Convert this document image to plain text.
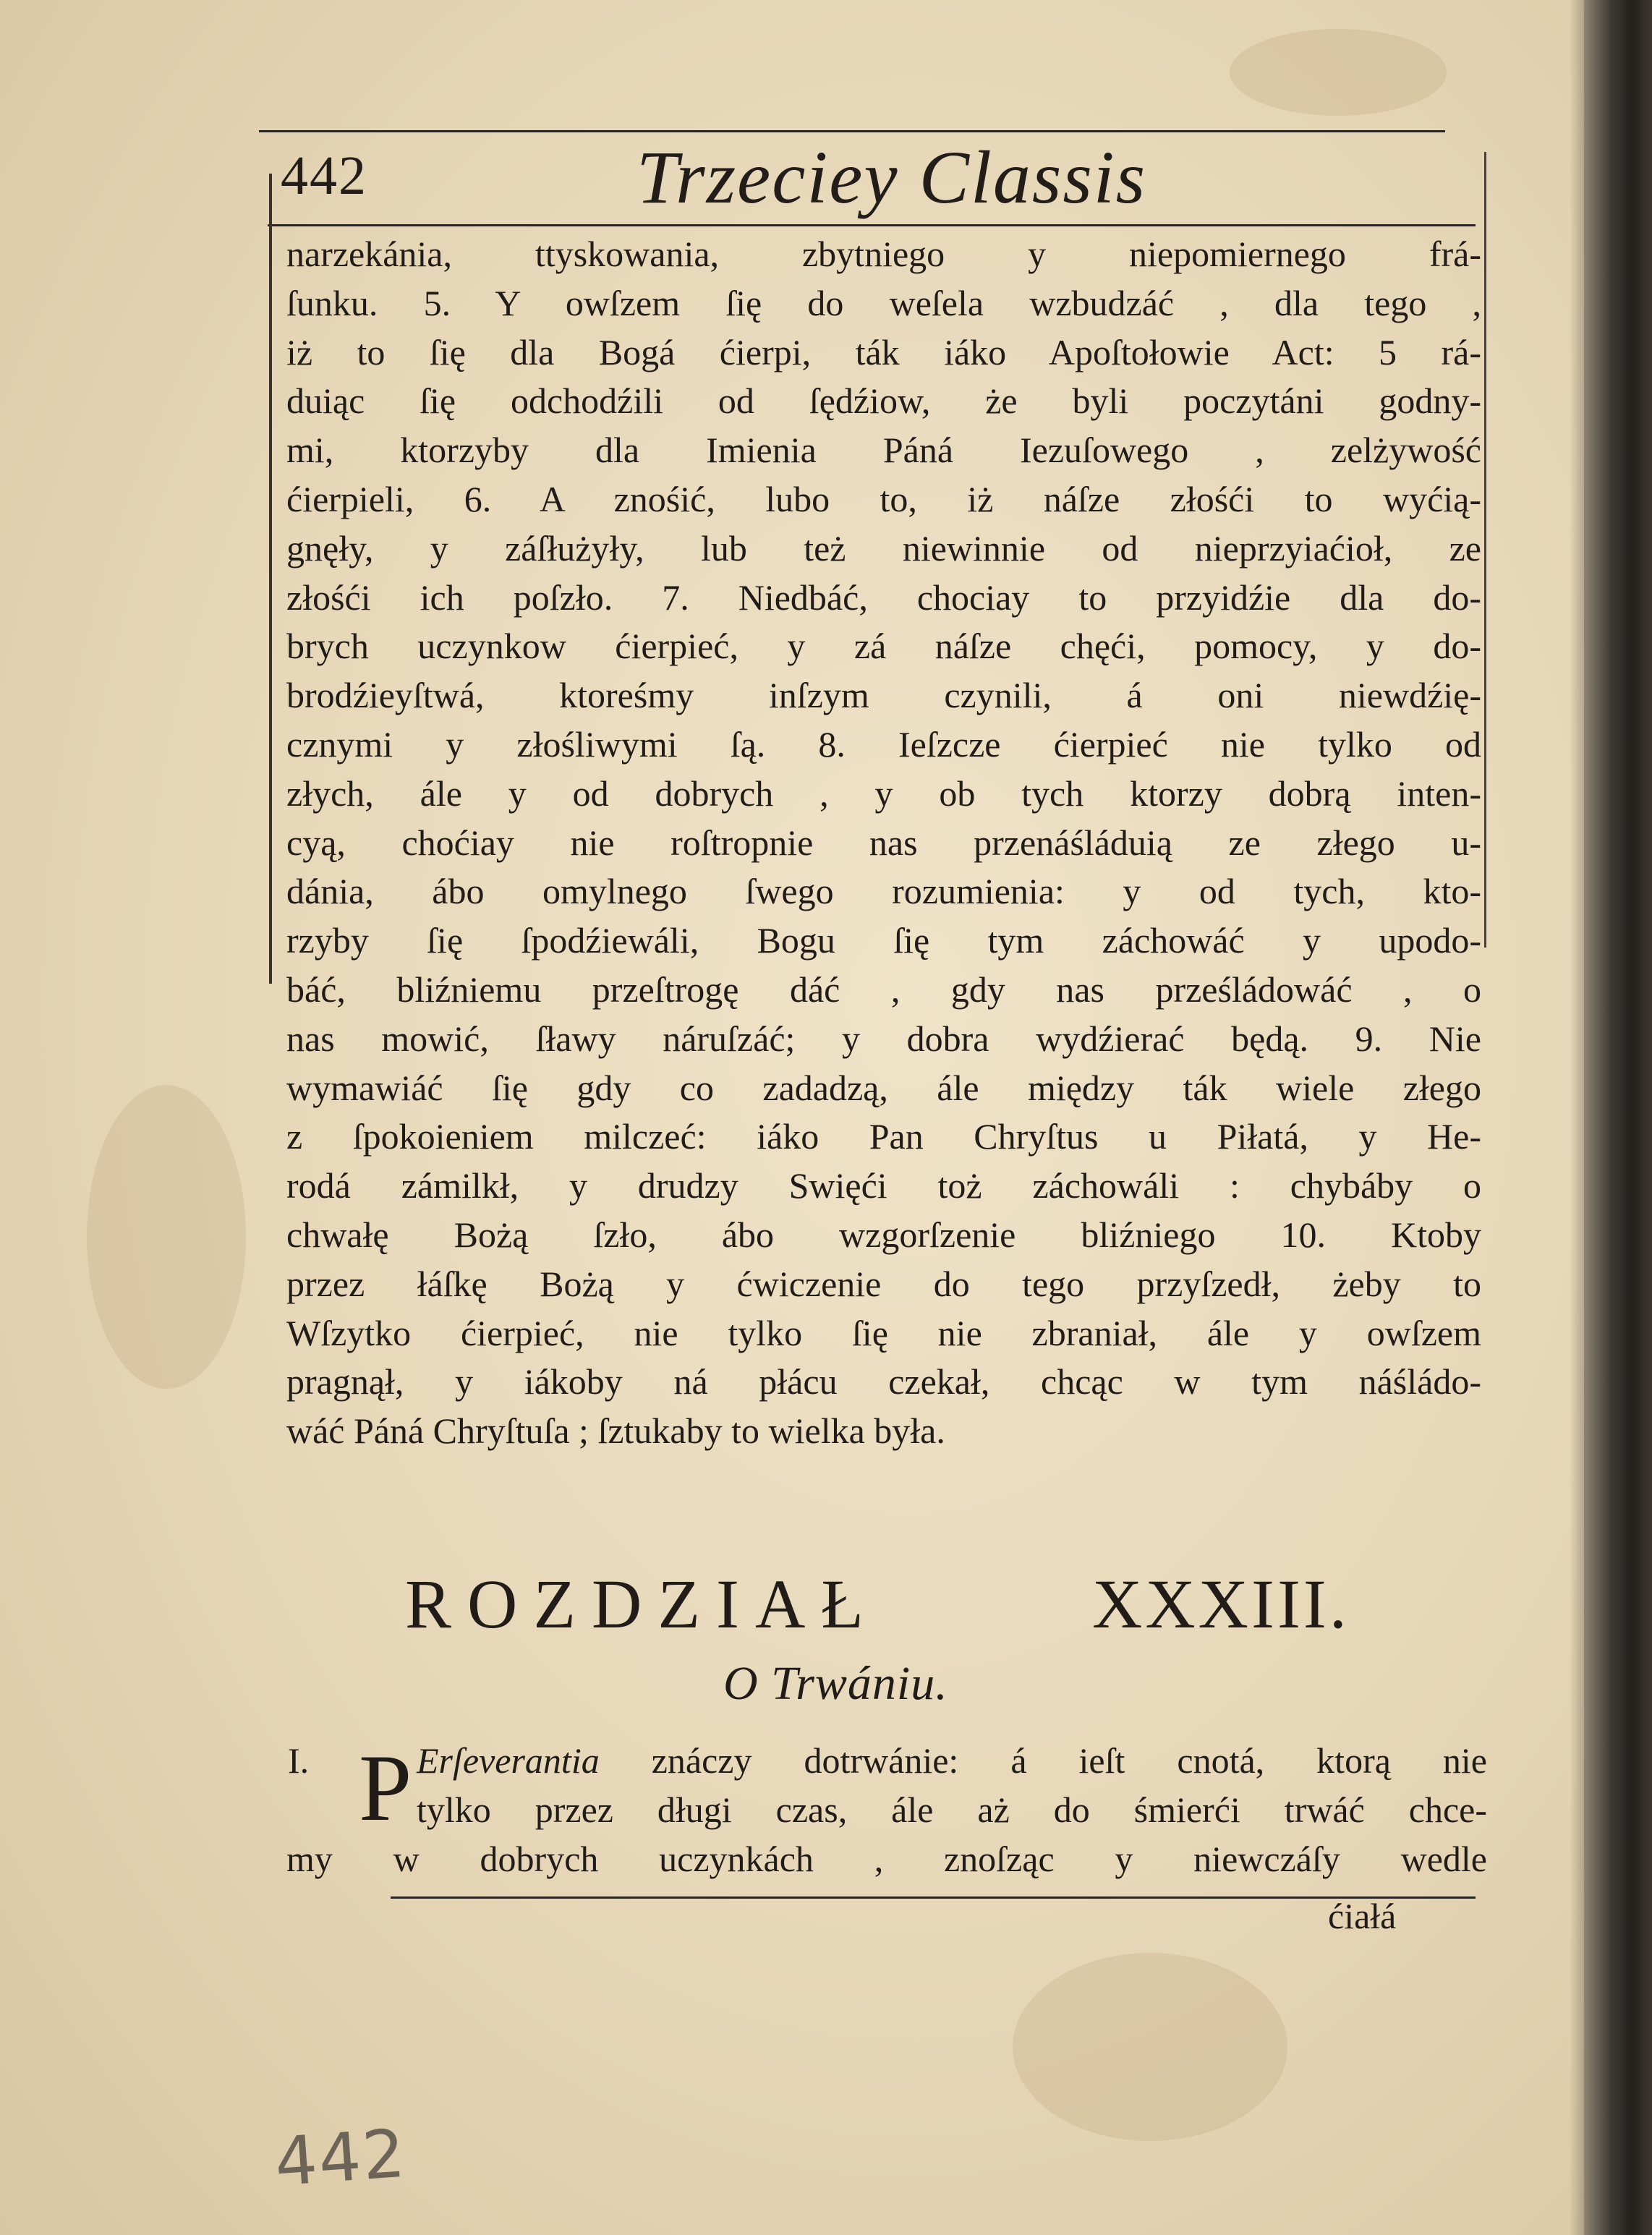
442	Trzeciey Classis
narzekánia, ttyskowania, zbytniego y niepomiernego frá-
ſunku. 5. Y owſzem ſię do weſela wzbudzáć , dla tego ,
iż to ſię dla Bogá ćierpi, ták iáko Apoſtołowie Act: 5 rá-
duiąc ſię odchodźili od ſędźiow, że byli poczytáni godny-
mi, ktorzyby dla Imienia Páná Iezuſowego , zelżywość
ćierpieli, 6. A znośić, lubo to, iż náſze złośći to wyćią-
gnęły, y záſłużyły, lub też niewinnie od nieprzyiaćioł, ze
złośći ich poſzło. 7. Niedbáć, chociay to przyidźie dla do-
brych uczynkow ćierpieć, y zá náſze chęći, pomocy, y do-
brodźieyſtwá, ktoreśmy inſzym czynili, á oni niewdźię-
cznymi y złośliwymi ſą. 8. Ieſzcze ćierpieć nie tylko od
złych, ále y od dobrych , y ob tych ktorzy dobrą inten-
cyą, choćiay nie roſtropnie nas przenáśláduią ze złego u-
dánia, ábo omylnego ſwego rozumienia: y od tych, kto-
rzyby ſię ſpodźiewáli, Bogu ſię tym záchowáć y upodo-
báć, bliźniemu przeſtrogę dáć , gdy nas prześládowáć , o
nas mowić, ſławy náruſzáć; y dobra wydźierać będą. 9. Nie
wymawiáć ſię gdy co zadadzą, ále między ták wiele złego
z ſpokoieniem milczeć: iáko Pan Chryſtus u Piłatá, y He-
rodá zámilkł, y drudzy Swięći toż záchowáli : chybáby o
chwałę Bożą ſzło, ábo wzgorſzenie bliźniego 10. Ktoby
przez łáſkę Bożą y ćwiczenie do tego przyſzedł, żeby to
Wſzytko ćierpieć, nie tylko ſię nie zbraniał, ále y owſzem
pragnął, y iákoby ná płácu czekał, chcąc w tym náśládo-
wáć Páná Chryſtuſa ; ſztukaby to wielka była.
ROZDZIAŁ	XXXIII.
O Trwániu.
I. P Erſeverantia znáczy dotrwánie: á ieſt cnotá, ktorą nie
tylko przez długi czas, ále aż do śmierći trwáć chce-
my w dobrych uczynkách , znoſząc y niewczáſy wedle
ćiałá
442
